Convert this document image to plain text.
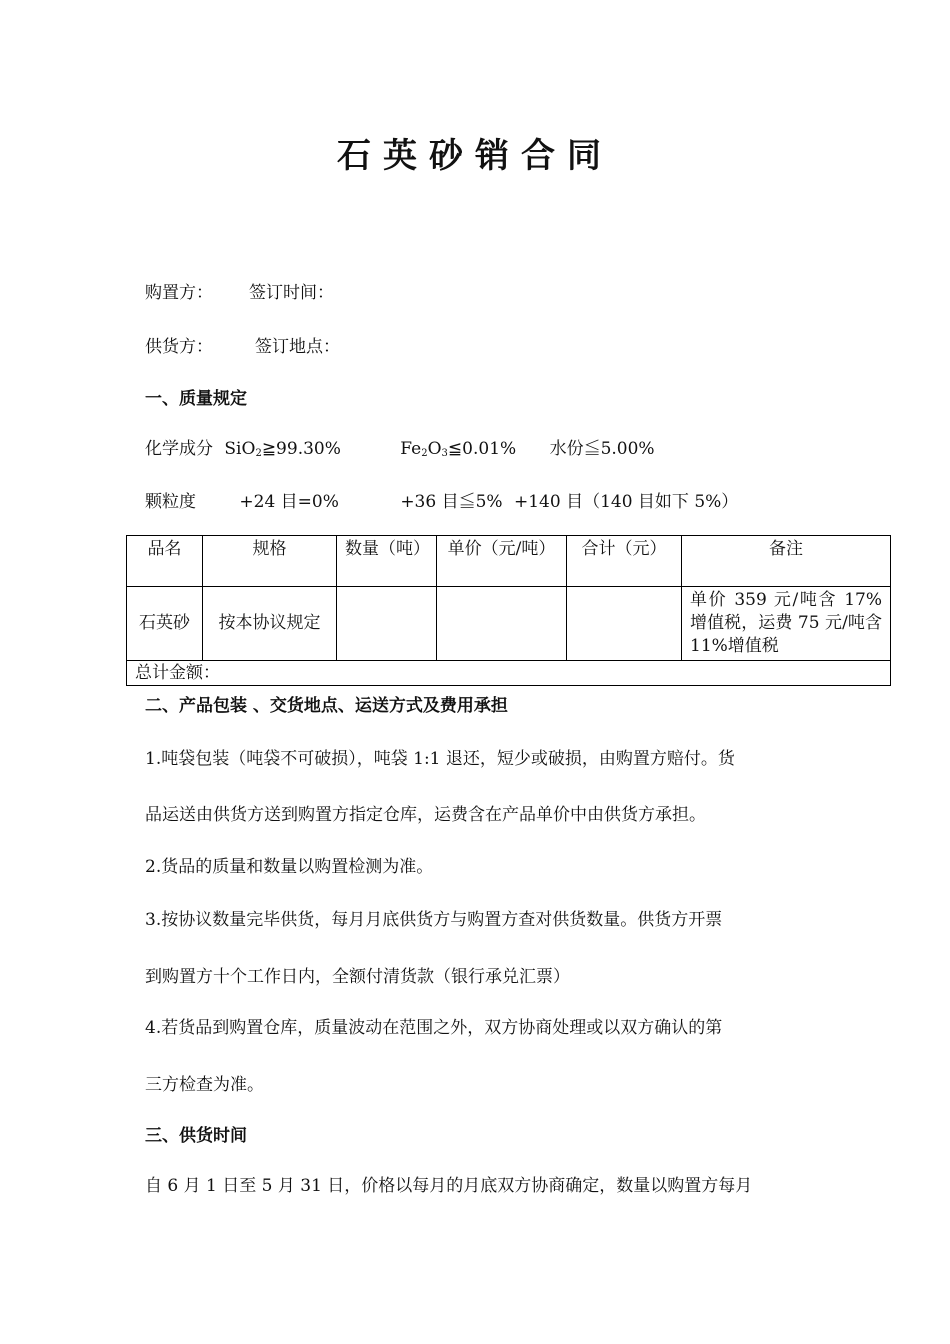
石英砂销合同
购置方： 签订时间：
供货方： 签订地点：
一、质量规定
化学成分 SiO$_2$≧99.30%	$Fe_2O_3≦0.01\%$ 水份≦5.00%
颗粒度	+24 目=0%	+36 目≦5% +140 目（140 目如下 5%）
品名	规格	数量（吨）	单价（元/吨）	合计（元）	备注
石英砂	按本协议规定				单价 359 元/吨含 17%增值税，运费 75 元/吨含 11%增值税
总计金额：					
二、产品包装 、交货地点、运送方式及费用承担
1.吨袋包装（吨袋不可破损），吨袋 1:1 退还，短少或破损，由购置方赔付。货
品运送由供货方送到购置方指定仓库，运费含在产品单价中由供货方承担。
2.货品的质量和数量以购置检测为准。
3.按协议数量完毕供货，每月月底供货方与购置方查对供货数量。供货方开票
到购置方十个工作日内，全额付清货款（银行承兑汇票）
4.若货品到购置仓库，质量波动在范围之外，双方协商处理或以双方确认的第
三方检查为准。
三、供货时间
自 6 月 1 日至 5 月 31 日，价格以每月的月底双方协商确定，数量以购置方每月
